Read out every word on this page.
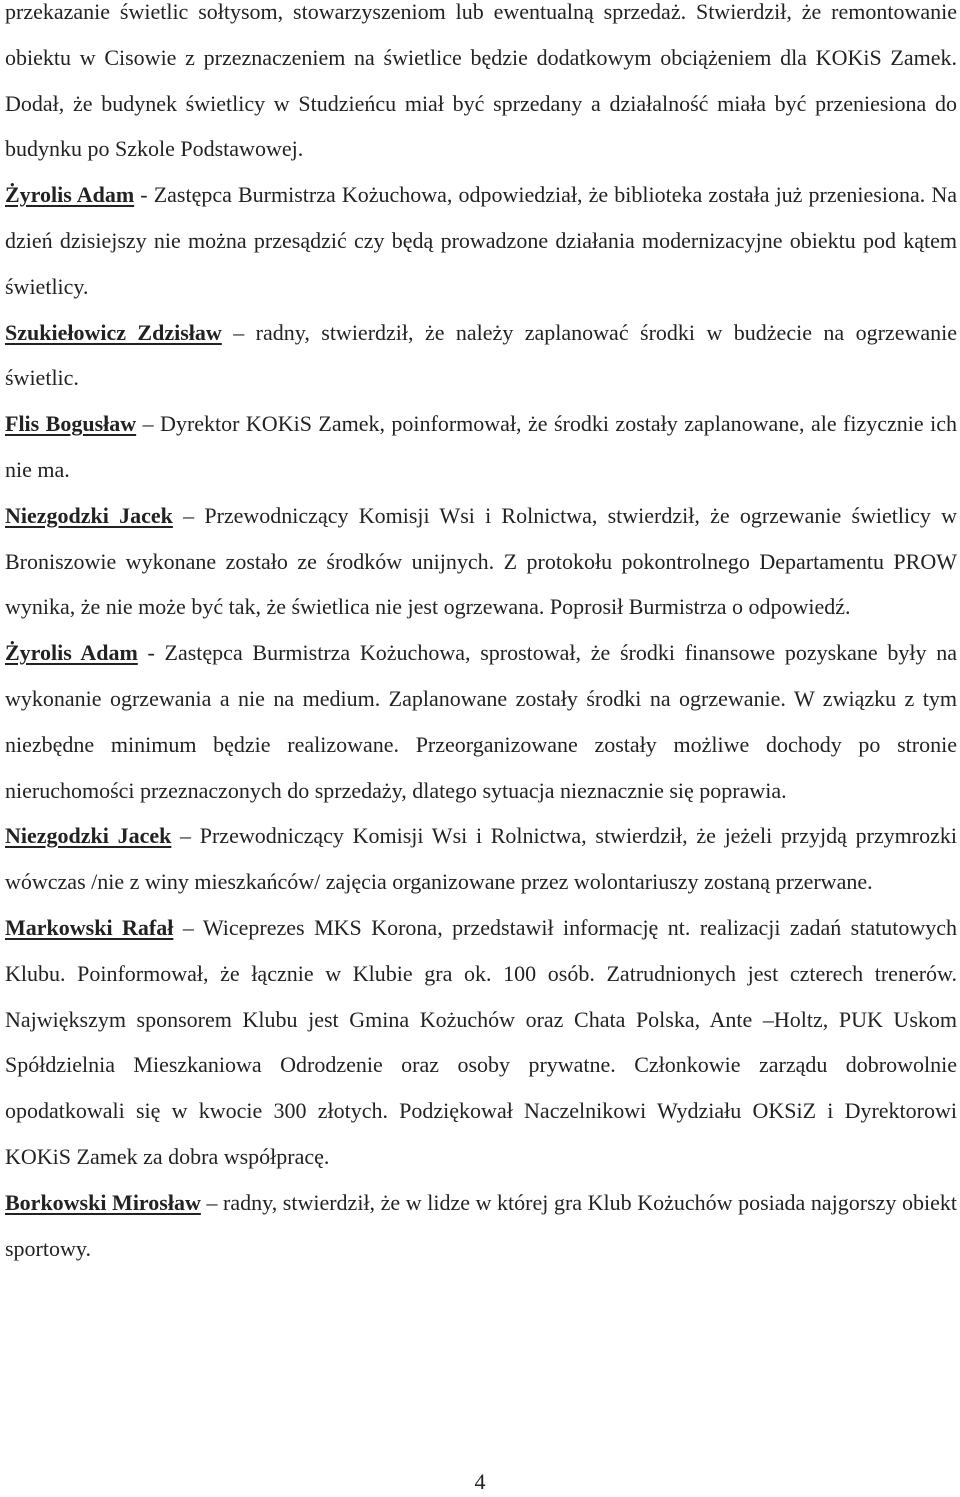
przekazanie świetlic sołtysom, stowarzyszeniom lub ewentualną sprzedaż. Stwierdził, że remontowanie obiektu w Cisowie z przeznaczeniem na świetlice będzie dodatkowym obciążeniem dla KOKiS Zamek. Dodał, że budynek świetlicy w Studzieńcu miał być sprzedany a działalność miała być przeniesiona do budynku po Szkole Podstawowej.

Żyrolis Adam - Zastępca Burmistrza Kożuchowa, odpowiedział, że biblioteka została już przeniesiona. Na dzień dzisiejszy nie można przesądzić czy będą prowadzone działania modernizacyjne obiektu pod kątem świetlicy.

Szukiełowicz Zdzisław – radny, stwierdził, że należy zaplanować środki w budżecie na ogrzewanie świetlic.

Flis Bogusław – Dyrektor KOKiS Zamek, poinformował, że środki zostały zaplanowane, ale fizycznie ich nie ma.

Niezgodzki Jacek – Przewodniczący Komisji Wsi i Rolnictwa, stwierdził, że ogrzewanie świetlicy w Broniszowie wykonane zostało ze środków unijnych. Z protokołu pokontrolnego Departamentu PROW wynika, że nie może być tak, że świetlica nie jest ogrzewana. Poprosił Burmistrza o odpowiedź.

Żyrolis Adam - Zastępca Burmistrza Kożuchowa, sprostował, że środki finansowe pozyskane były na wykonanie ogrzewania a nie na medium. Zaplanowane zostały środki na ogrzewanie. W związku z tym niezbędne minimum będzie realizowane. Przeorganizowane zostały możliwe dochody po stronie nieruchomości przeznaczonych do sprzedaży, dlatego sytuacja nieznacznie się poprawia.

Niezgodzki Jacek – Przewodniczący Komisji Wsi i Rolnictwa, stwierdził, że jeżeli przyjdą przymrozki wówczas /nie z winy mieszkańców/ zajęcia organizowane przez wolontariuszy zostaną przerwane.

Markowski Rafał – Wiceprezes MKS Korona, przedstawił informację nt. realizacji zadań statutowych Klubu. Poinformował, że łącznie w Klubie gra ok. 100 osób. Zatrudnionych jest czterech trenerów. Największym sponsorem Klubu jest Gmina Kożuchów oraz Chata Polska, Ante –Holtz, PUK Uskom Spółdzielnia Mieszkaniowa Odrodzenie oraz osoby prywatne. Członkowie zarządu dobrowolnie opodatkowali się w kwocie 300 złotych. Podziękował Naczelnikowi Wydziału OKSiZ i Dyrektorowi KOKiS Zamek za dobra współpracę.

Borkowski Mirosław – radny, stwierdził, że w lidze w której gra Klub Kożuchów posiada najgorszy obiekt sportowy.

4
